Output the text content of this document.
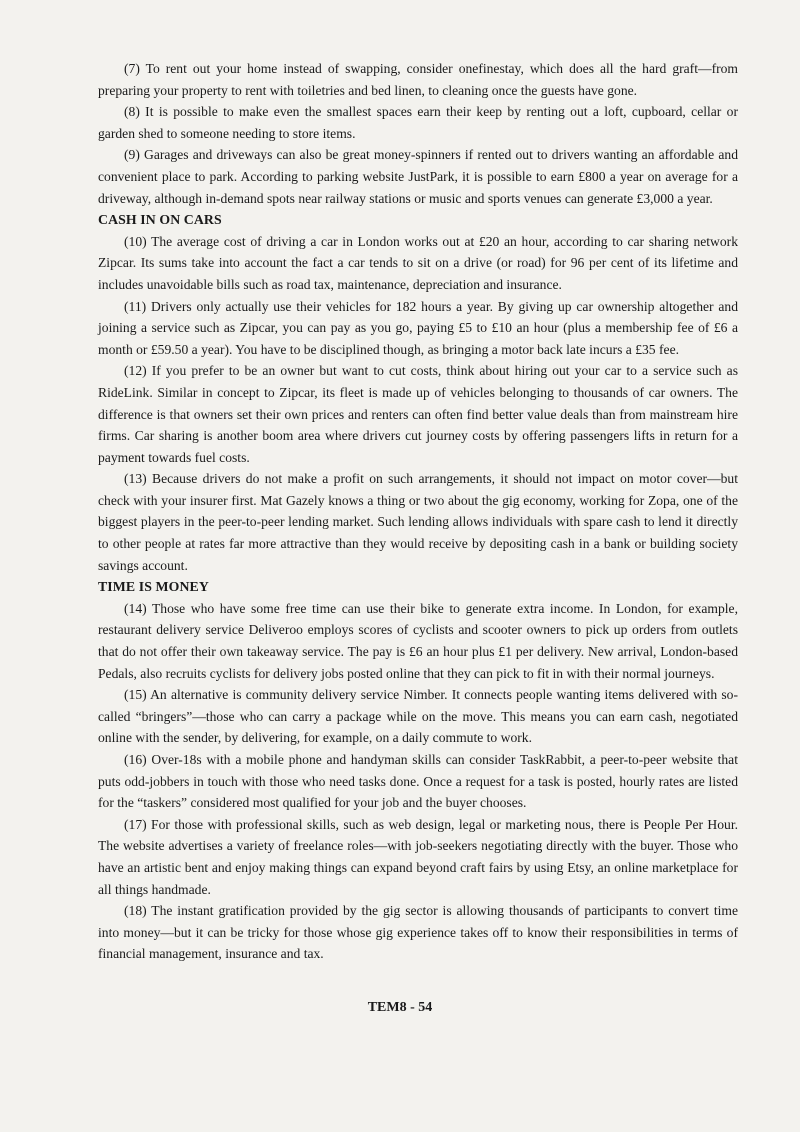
(7) To rent out your home instead of swapping, consider onefinestay, which does all the hard graft—from preparing your property to rent with toiletries and bed linen, to cleaning once the guests have gone.

(8) It is possible to make even the smallest spaces earn their keep by renting out a loft, cupboard, cellar or garden shed to someone needing to store items.

(9) Garages and driveways can also be great money-spinners if rented out to drivers wanting an affordable and convenient place to park. According to parking website JustPark, it is possible to earn £800 a year on average for a driveway, although in-demand spots near railway stations or music and sports venues can generate £3,000 a year.

CASH IN ON CARS

(10) The average cost of driving a car in London works out at £20 an hour, according to car sharing network Zipcar. Its sums take into account the fact a car tends to sit on a drive (or road) for 96 per cent of its lifetime and includes unavoidable bills such as road tax, maintenance, depreciation and insurance.

(11) Drivers only actually use their vehicles for 182 hours a year. By giving up car ownership altogether and joining a service such as Zipcar, you can pay as you go, paying £5 to £10 an hour (plus a membership fee of £6 a month or £59.50 a year). You have to be disciplined though, as bringing a motor back late incurs a £35 fee.

(12) If you prefer to be an owner but want to cut costs, think about hiring out your car to a service such as RideLink. Similar in concept to Zipcar, its fleet is made up of vehicles belonging to thousands of car owners. The difference is that owners set their own prices and renters can often find better value deals than from mainstream hire firms. Car sharing is another boom area where drivers cut journey costs by offering passengers lifts in return for a payment towards fuel costs.

(13) Because drivers do not make a profit on such arrangements, it should not impact on motor cover—but check with your insurer first. Mat Gazely knows a thing or two about the gig economy, working for Zopa, one of the biggest players in the peer-to-peer lending market. Such lending allows individuals with spare cash to lend it directly to other people at rates far more attractive than they would receive by depositing cash in a bank or building society savings account.

TIME IS MONEY

(14) Those who have some free time can use their bike to generate extra income. In London, for example, restaurant delivery service Deliveroo employs scores of cyclists and scooter owners to pick up orders from outlets that do not offer their own takeaway service. The pay is £6 an hour plus £1 per delivery. New arrival, London-based Pedals, also recruits cyclists for delivery jobs posted online that they can pick to fit in with their normal journeys.

(15) An alternative is community delivery service Nimber. It connects people wanting items delivered with so-called “bringers”—those who can carry a package while on the move. This means you can earn cash, negotiated online with the sender, by delivering, for example, on a daily commute to work.

(16) Over-18s with a mobile phone and handyman skills can consider TaskRabbit, a peer-to-peer website that puts odd-jobbers in touch with those who need tasks done. Once a request for a task is posted, hourly rates are listed for the “taskers” considered most qualified for your job and the buyer chooses.

(17) For those with professional skills, such as web design, legal or marketing nous, there is People Per Hour. The website advertises a variety of freelance roles—with job-seekers negotiating directly with the buyer. Those who have an artistic bent and enjoy making things can expand beyond craft fairs by using Etsy, an online marketplace for all things handmade.

(18) The instant gratification provided by the gig sector is allowing thousands of participants to convert time into money—but it can be tricky for those whose gig experience takes off to know their responsibilities in terms of financial management, insurance and tax.

TEM8 - 54
